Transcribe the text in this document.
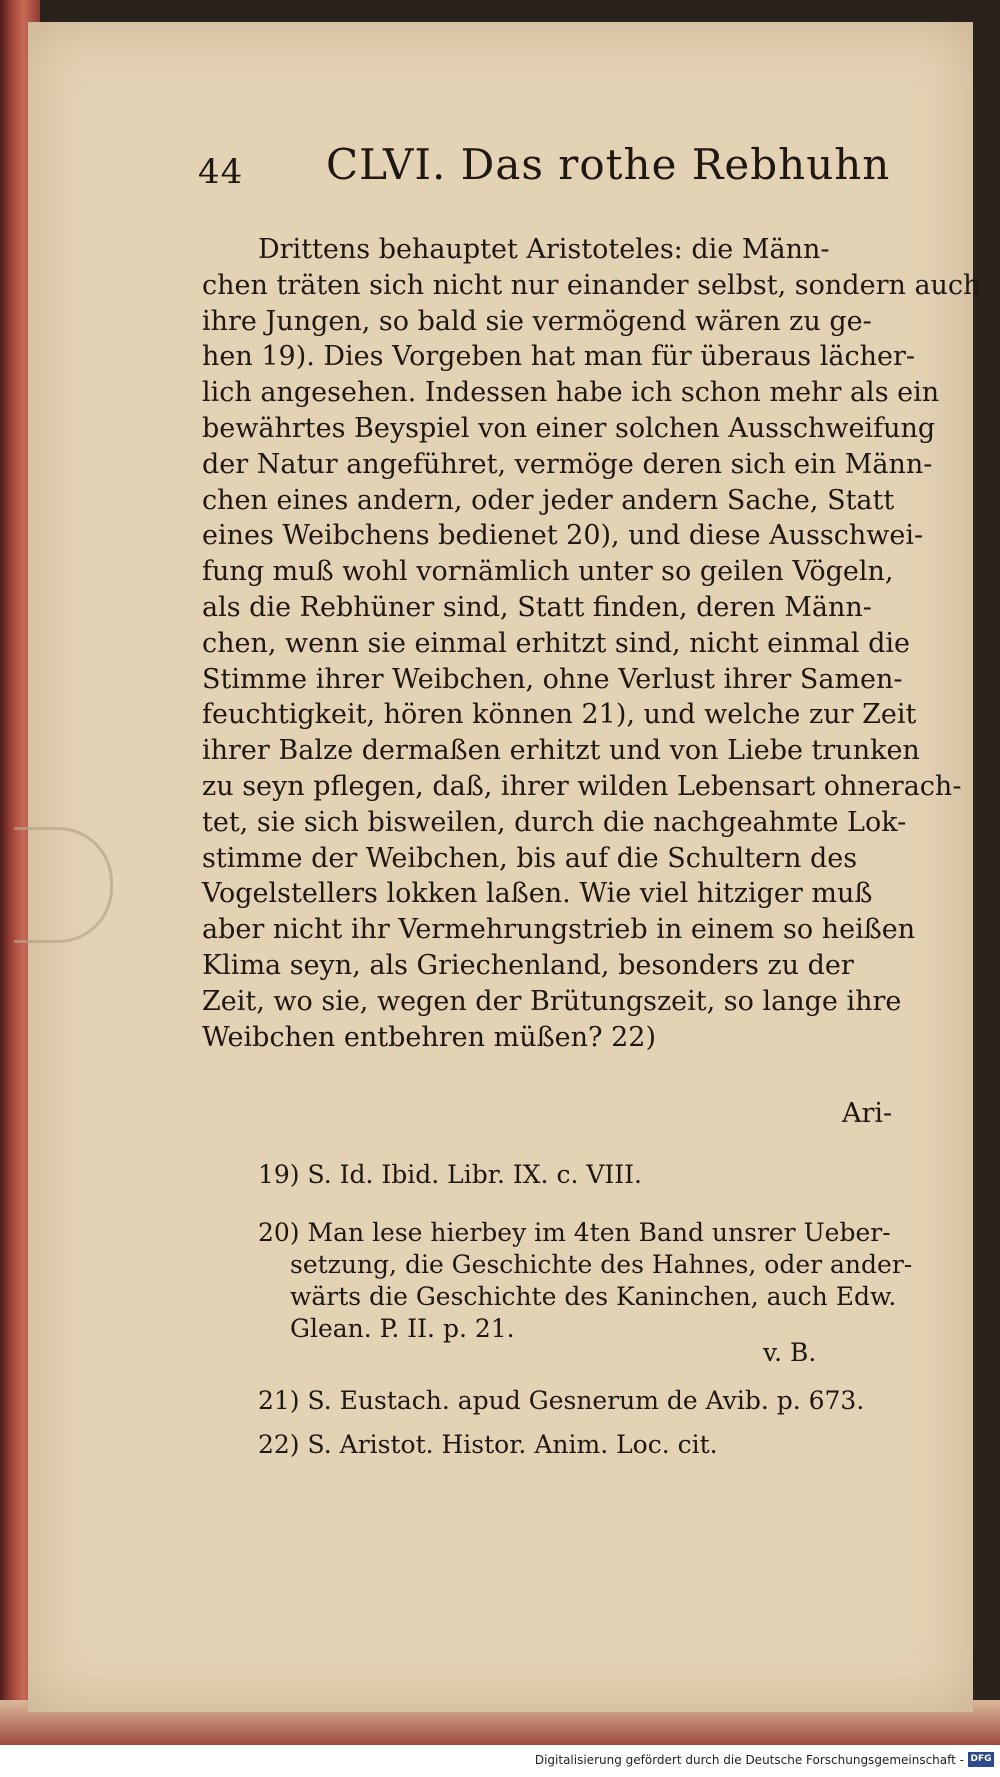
44 CLVI. Das rothe Rebhuhn
Drittens behauptet Aristoteles: die Männ-
chen träten sich nicht nur einander selbst, sondern auch
ihre Jungen, so bald sie vermögend wären zu ge-
hen 19). Dies Vorgeben hat man für überaus lächer-
lich angesehen. Indessen habe ich schon mehr als ein
bewährtes Beyspiel von einer solchen Ausschweifung
der Natur angeführet, vermöge deren sich ein Männ-
chen eines andern, oder jeder andern Sache, Statt
eines Weibchens bedienet 20), und diese Ausschwei-
fung muß wohl vornämlich unter so geilen Vögeln,
als die Rebhüner sind, Statt finden, deren Männ-
chen, wenn sie einmal erhitzt sind, nicht einmal die
Stimme ihrer Weibchen, ohne Verlust ihrer Samen-
feuchtigkeit, hören können 21), und welche zur Zeit
ihrer Balze dermaßen erhitzt und von Liebe trunken
zu seyn pflegen, daß, ihrer wilden Lebensart ohnerach-
tet, sie sich bisweilen, durch die nachgeahmte Lok-
stimme der Weibchen, bis auf die Schultern des
Vogelstellers lokken laßen. Wie viel hitziger muß
aber nicht ihr Vermehrungstrieb in einem so heißen
Klima seyn, als Griechenland, besonders zu der
Zeit, wo sie, wegen der Brütungszeit, so lange ihre
Weibchen entbehren müßen? 22)
Ari-
19) S. Id. Ibid. Libr. IX. c. VIII.
20) Man lese hierbey im 4ten Band unsrer Ueber-
setzung, die Geschichte des Hahnes, oder ander-
wärts die Geschichte des Kaninchen, auch Edw.
Glean. P. II. p. 21.
v. B.
21) S. Eustach. apud Gesnerum de Avib. p. 673.
22) S. Aristot. Histor. Anim. Loc. cit.
Digitalisierung gefördert durch die Deutsche Forschungsgemeinschaft - DFG
